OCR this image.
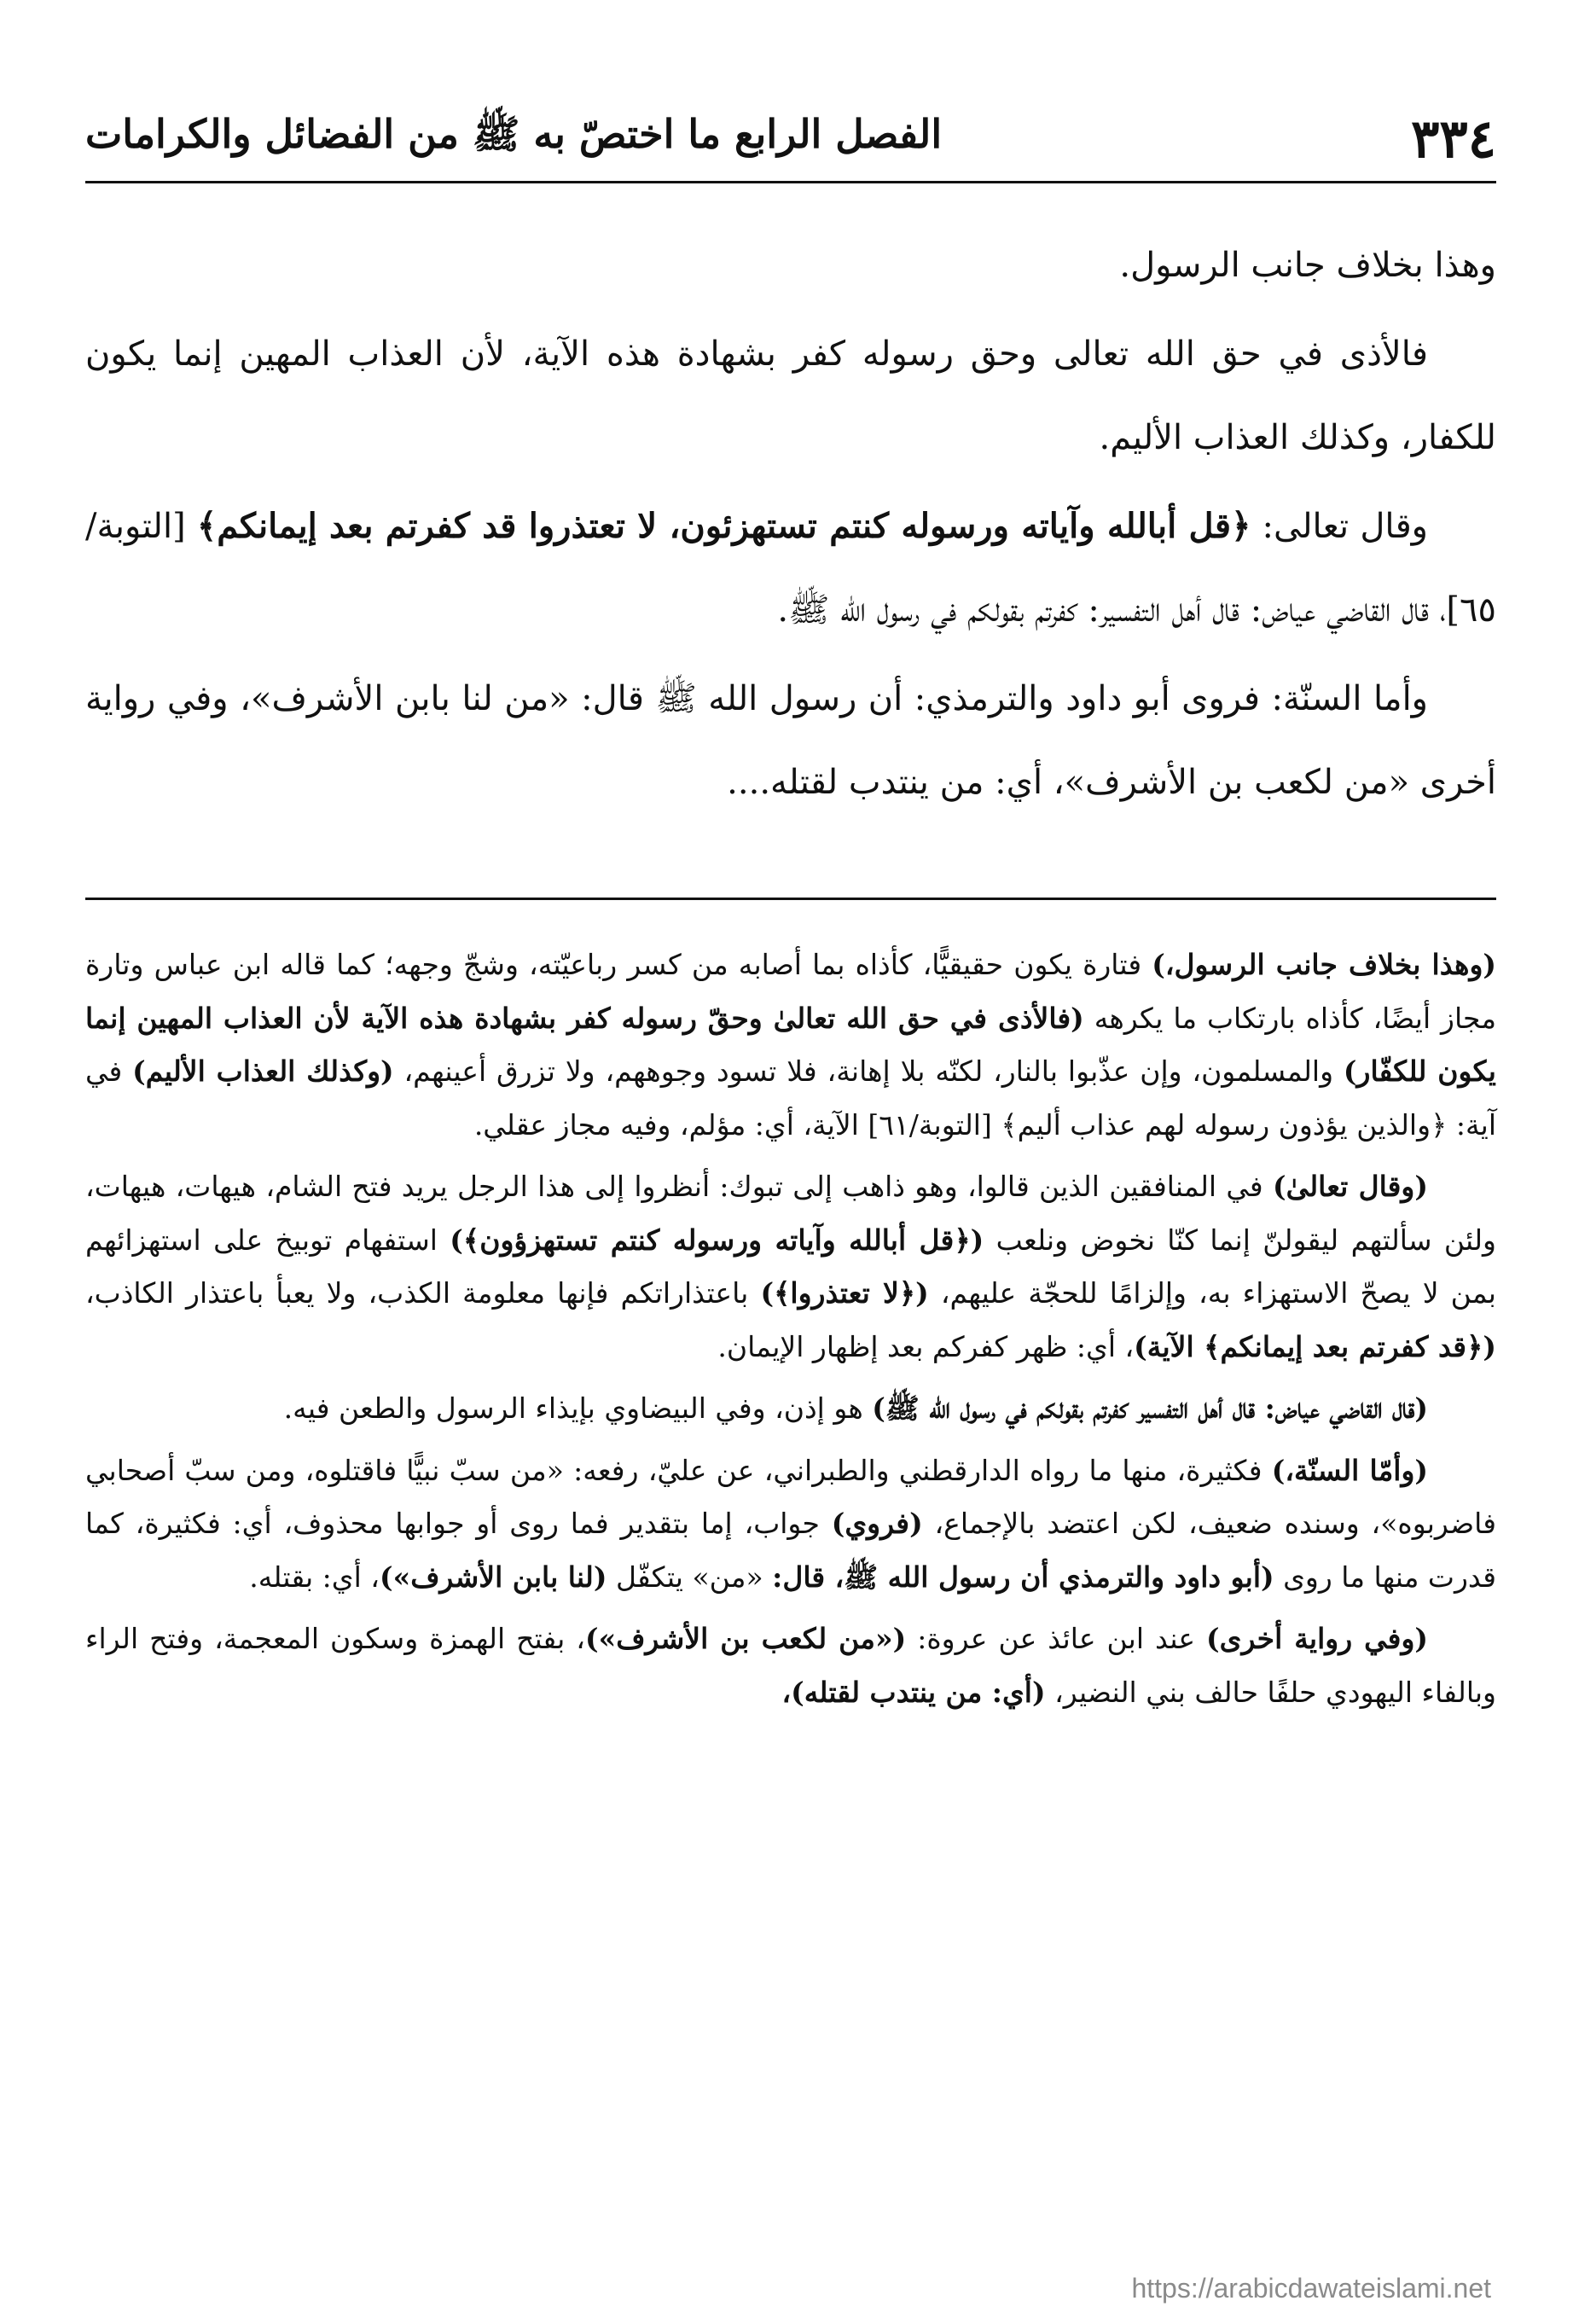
الفصل الرابع ما اختصّ به ﷺ من الفضائل والكرامات	٣٣٤

وهذا بخلاف جانب الرسول.

فالأذى في حق الله تعالى وحق رسوله كفر بشهادة هذه الآية، لأن العذاب المهين إنما يكون للكفار، وكذلك العذاب الأليم.

وقال تعالى: ﴿قل أبالله وآياته ورسوله كنتم تستهزئون، لا تعتذروا قد كفرتم بعد إيمانكم﴾ [التوبة/٦٥]، قال القاضي عياض: قال أهل التفسير: كفرتم بقولكم في رسول الله ﷺ.

وأما السنّة: فروى أبو داود والترمذي: أن رسول الله ﷺ قال: «من لنا بابن الأشرف»، وفي رواية أخرى «من لكعب بن الأشرف»، أي: من ينتدب لقتله....

(وهذا بخلاف جانب الرسول،) فتارة يكون حقيقيًّا، كأذاه بما أصابه من كسر رباعيّته، وشجّ وجهه؛ كما قاله ابن عباس وتارة مجاز أيضًا، كأذاه بارتكاب ما يكرهه (فالأذى في حق الله تعالىٰ وحقّ رسوله كفر بشهادة هذه الآية لأن العذاب المهين إنما يكون للكفّار) والمسلمون، وإن عذّبوا بالنار، لكنّه بلا إهانة، فلا تسود وجوههم، ولا تزرق أعينهم، (وكذلك العذاب الأليم) في آية: ﴿والذين يؤذون رسوله لهم عذاب أليم﴾ [التوبة/٦١] الآية، أي: مؤلم، وفيه مجاز عقلي.

(وقال تعالىٰ) في المنافقين الذين قالوا، وهو ذاهب إلى تبوك: أنظروا إلى هذا الرجل يريد فتح الشام، هيهات، هيهات، ولئن سألتهم ليقولنّ إنما كنّا نخوض ونلعب (﴿قل أبالله وآياته ورسوله كنتم تستهزؤون﴾) استفهام توبيخ على استهزائهم بمن لا يصحّ الاستهزاء به، وإلزامًا للحجّة عليهم، (﴿لا تعتذروا﴾) باعتذاراتكم فإنها معلومة الكذب، ولا يعبأ باعتذار الكاذب، (﴿قد كفرتم بعد إيمانكم﴾ الآية)، أي: ظهر كفركم بعد إظهار الإيمان.

(قال القاضي عياض: قال أهل التفسير كفرتم بقولكم في رسول الله ﷺ) هو إذن، وفي البيضاوي بإيذاء الرسول والطعن فيه.

(وأمّا السنّة،) فكثيرة، منها ما رواه الدارقطني والطبراني، عن عليّ، رفعه: «من سبّ نبيًّا فاقتلوه، ومن سبّ أصحابي فاضربوه»، وسنده ضعيف، لكن اعتضد بالإجماع، (فروي) جواب، إما بتقدير فما روى أو جوابها محذوف، أي: فكثيرة، كما قدرت منها ما روى (أبو داود والترمذي أن رسول الله ﷺ، قال: «من» يتكفّل (لنا بابن الأشرف»)، أي: بقتله.

(وفي رواية أخرى) عند ابن عائذ عن عروة: («من لكعب بن الأشرف»)، بفتح الهمزة وسكون المعجمة، وفتح الراء وبالفاء اليهودي حلفًا حالف بني النضير، (أي: من ينتدب لقتله)،

https://arabicdawateislami.net
